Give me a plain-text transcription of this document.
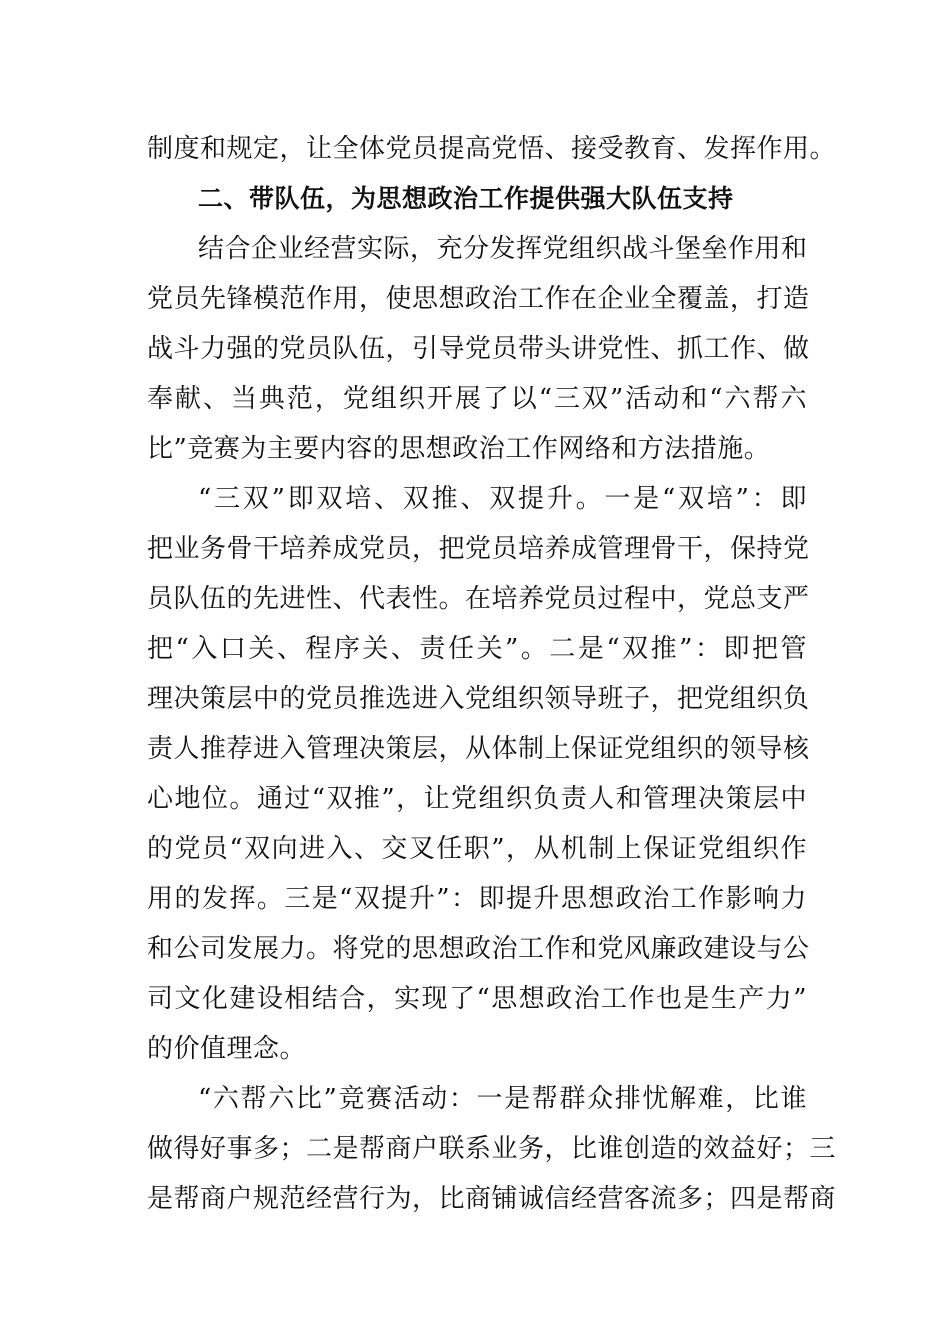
制度和规定，让全体党员提高党悟、接受教育、发挥作用。
二、带队伍，为思想政治工作提供强大队伍支持
结合企业经营实际，充分发挥党组织战斗堡垒作用和
党员先锋模范作用，使思想政治工作在企业全覆盖，打造
战斗力强的党员队伍，引导党员带头讲党性、抓工作、做
奉献、当典范，党组织开展了以“三双”活动和“六帮六
比”竞赛为主要内容的思想政治工作网络和方法措施。
“三双”即双培、双推、双提升。一是“双培”：即
把业务骨干培养成党员，把党员培养成管理骨干，保持党
员队伍的先进性、代表性。在培养党员过程中，党总支严
把“入口关、程序关、责任关”。二是“双推”：即把管
理决策层中的党员推选进入党组织领导班子，把党组织负
责人推荐进入管理决策层，从体制上保证党组织的领导核
心地位。通过“双推”，让党组织负责人和管理决策层中
的党员“双向进入、交叉任职”，从机制上保证党组织作
用的发挥。三是“双提升”：即提升思想政治工作影响力
和公司发展力。将党的思想政治工作和党风廉政建设与公
司文化建设相结合，实现了“思想政治工作也是生产力”
的价值理念。
“六帮六比”竞赛活动：一是帮群众排忧解难，比谁
做得好事多；二是帮商户联系业务，比谁创造的效益好；三
是帮商户规范经营行为，比商铺诚信经营客流多；四是帮商
